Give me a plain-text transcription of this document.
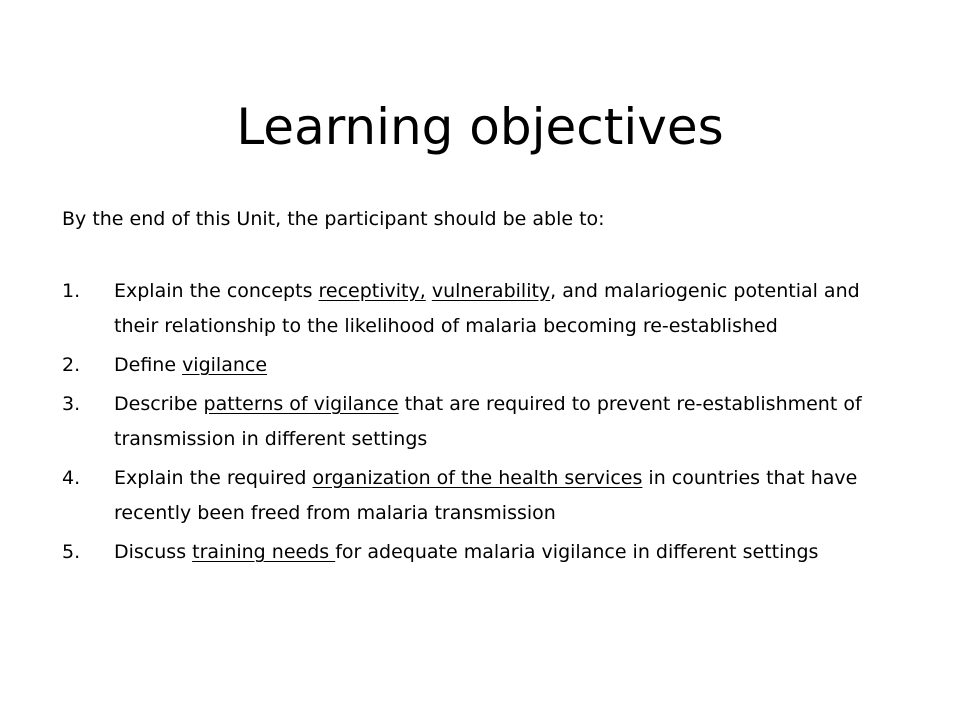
Learning objectives
By the end of this Unit, the participant should be able to:
1. Explain the concepts receptivity, vulnerability, and malariogenic potential and their relationship to the likelihood of malaria becoming re-established
2. Define vigilance
3. Describe patterns of vigilance that are required to prevent re-establishment of transmission in different settings
4. Explain the required organization of the health services in countries that have recently been freed from malaria transmission
5. Discuss training needs for adequate malaria vigilance in different settings
